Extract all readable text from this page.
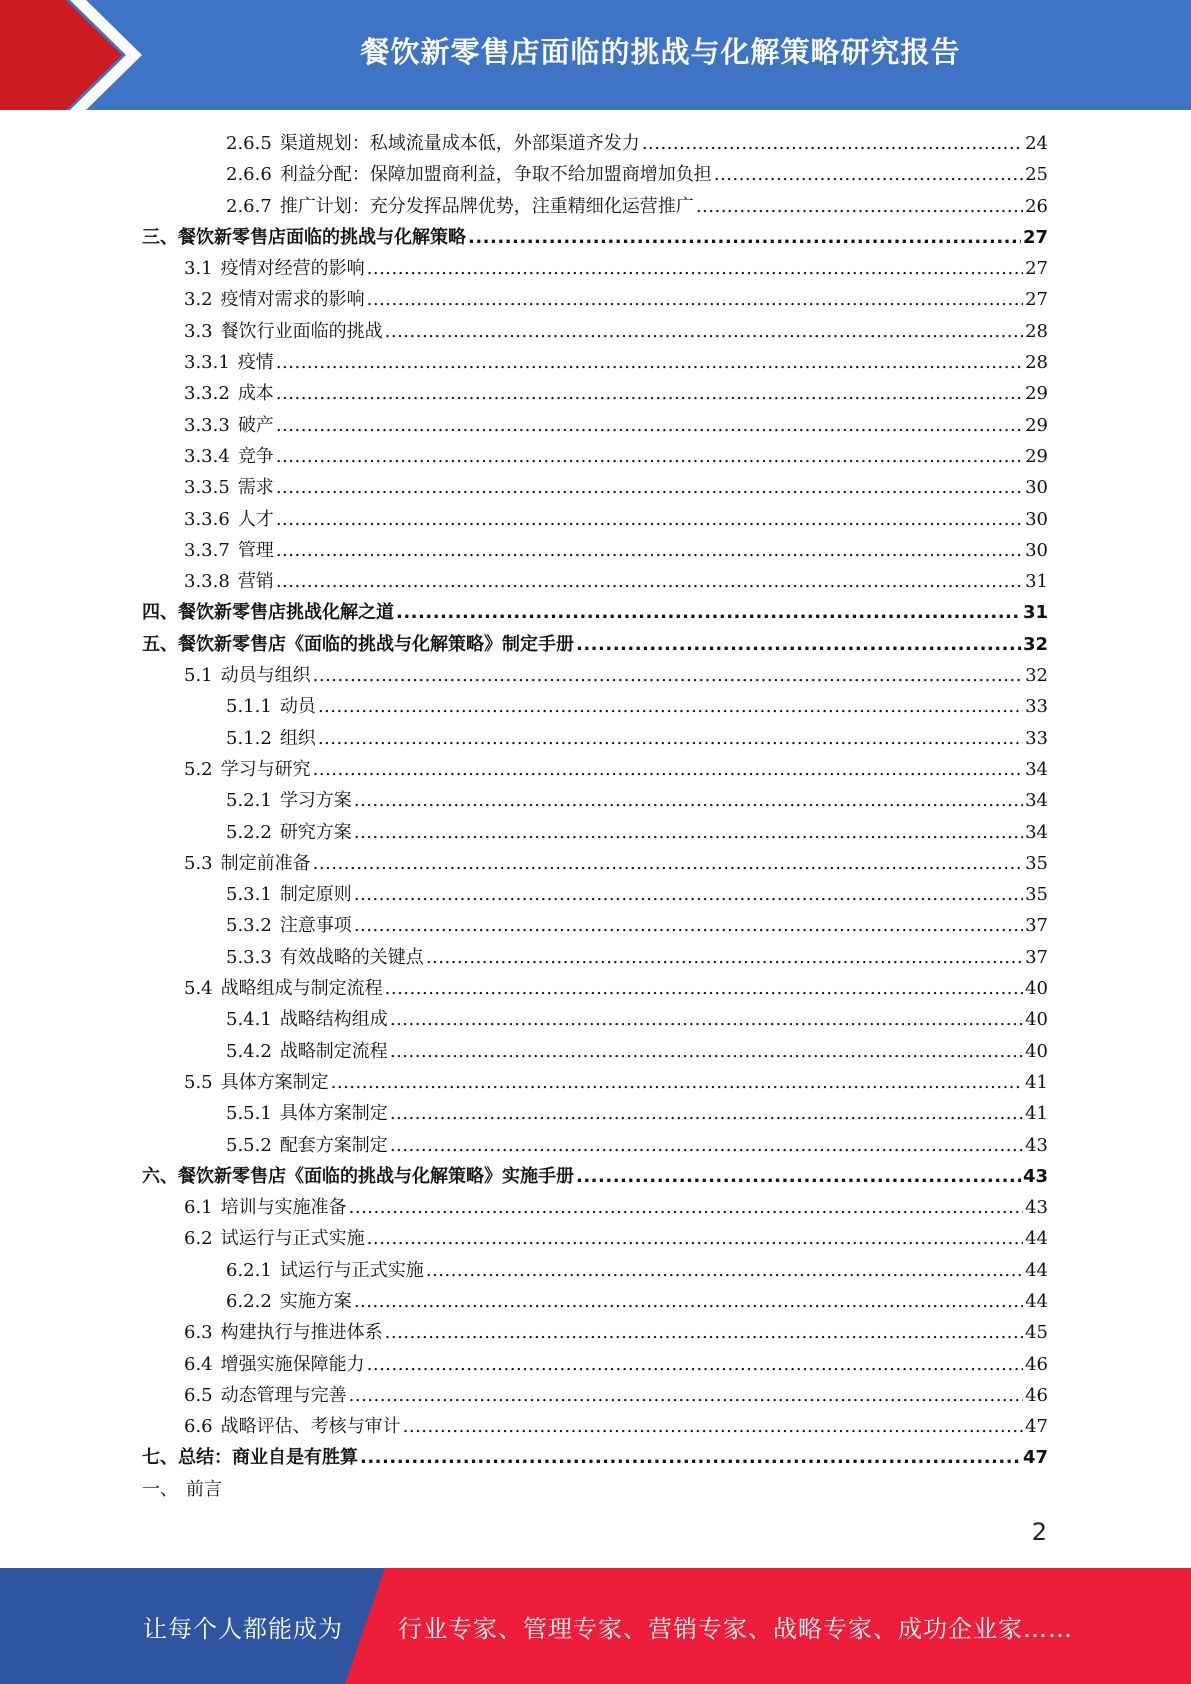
餐饮新零售店面临的挑战与化解策略研究报告
2.6.5 渠道规划：私域流量成本低，外部渠道齐发力 .....	24
2.6.6 利益分配：保障加盟商利益，争取不给加盟商增加负担 .....	25
2.6.7 推广计划：充分发挥品牌优势，注重精细化运营推广 .....	26
三、 餐饮新零售店面临的挑战与化解策略 .....	27
3.1 疫情对经营的影响 .....	27
3.2 疫情对需求的影响 .....	27
3.3 餐饮行业面临的挑战 .....	28
3.3.1 疫情 .....	28
3.3.2 成本 .....	29
3.3.3 破产 .....	29
3.3.4 竞争 .....	29
3.3.5 需求 .....	30
3.3.6 人才 .....	30
3.3.7 管理 .....	30
3.3.8 营销 .....	31
四、 餐饮新零售店挑战化解之道 .....	31
五、 餐饮新零售店《面临的挑战与化解策略》制定手册 .....	32
5.1 动员与组织 .....	32
5.1.1 动员 .....	33
5.1.2 组织 .....	33
5.2 学习与研究 .....	34
5.2.1 学习方案 .....	34
5.2.2 研究方案 .....	34
5.3 制定前准备 .....	35
5.3.1 制定原则 .....	35
5.3.2 注意事项 .....	37
5.3.3 有效战略的关键点 .....	37
5.4 战略组成与制定流程 .....	40
5.4.1 战略结构组成 .....	40
5.4.2 战略制定流程 .....	40
5.5 具体方案制定 .....	41
5.5.1 具体方案制定 .....	41
5.5.2 配套方案制定 .....	43
六、 餐饮新零售店《面临的挑战与化解策略》实施手册 .....	43
6.1 培训与实施准备 .....	43
6.2 试运行与正式实施 .....	44
6.2.1 试运行与正式实施 .....	44
6.2.2 实施方案 .....	44
6.3 构建执行与推进体系 .....	45
6.4 增强实施保障能力 .....	46
6.5 动态管理与完善 .....	46
6.6 战略评估、考核与审计 .....	47
七、 总结：商业自是有胜算 .....	47
一、 前言
2
让每个人都能成为 行业专家、管理专家、营销专家、战略专家、成功企业家……
